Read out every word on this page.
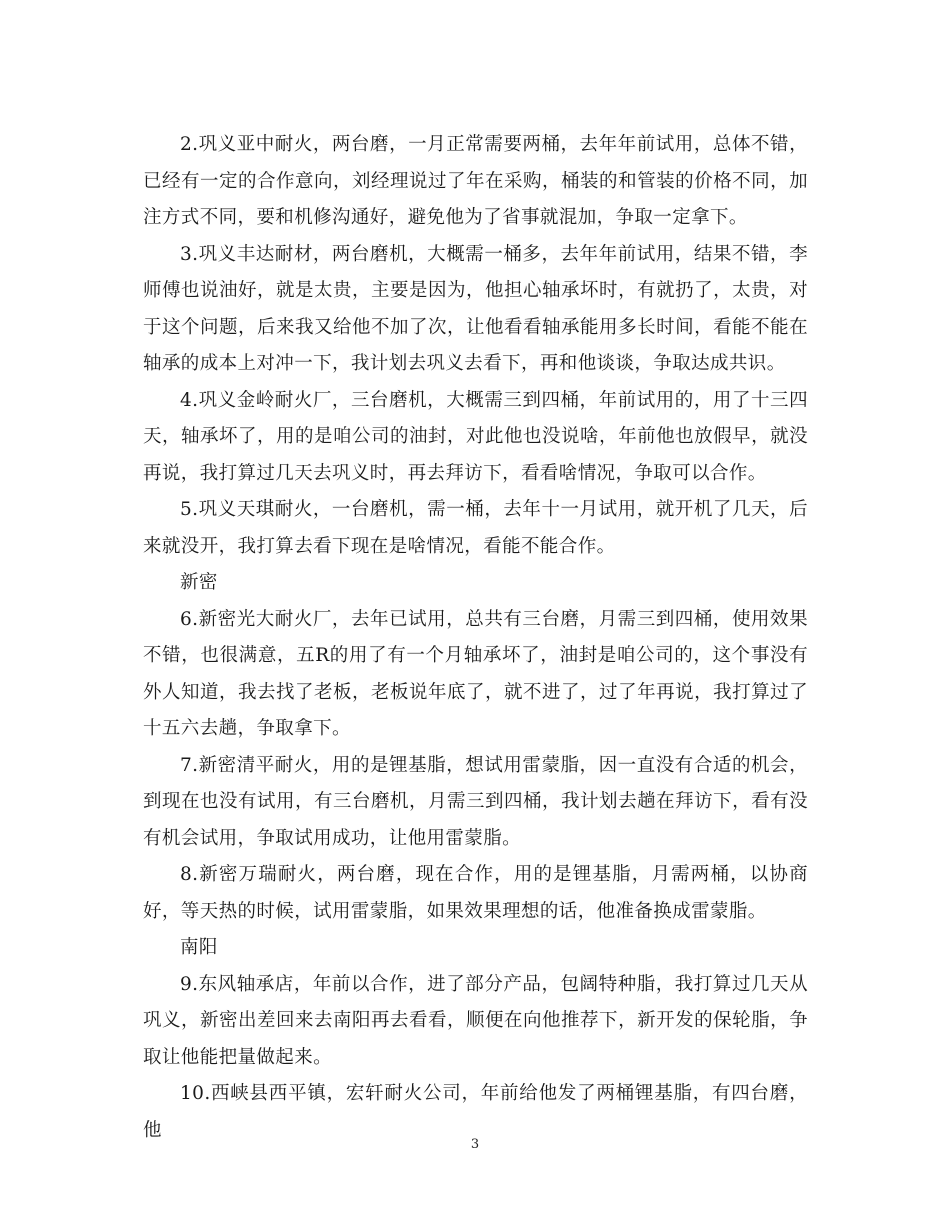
2.巩义亚中耐火，两台磨，一月正常需要两桶，去年年前试用，总体不错，已经有一定的合作意向，刘经理说过了年在采购，桶装的和管装的价格不同，加注方式不同，要和机修沟通好，避免他为了省事就混加，争取一定拿下。

3.巩义丰达耐材，两台磨机，大概需一桶多，去年年前试用，结果不错，李师傅也说油好，就是太贵，主要是因为，他担心轴承坏时，有就扔了，太贵，对于这个问题，后来我又给他不加了次，让他看看轴承能用多长时间，看能不能在轴承的成本上对冲一下，我计划去巩义去看下，再和他谈谈，争取达成共识。

4.巩义金岭耐火厂，三台磨机，大概需三到四桶，年前试用的，用了十三四天，轴承坏了，用的是咱公司的油封，对此他也没说啥，年前他也放假早，就没再说，我打算过几天去巩义时，再去拜访下，看看啥情况，争取可以合作。

5.巩义天琪耐火，一台磨机，需一桶，去年十一月试用，就开机了几天，后来就没开，我打算去看下现在是啥情况，看能不能合作。

新密

6.新密光大耐火厂，去年已试用，总共有三台磨，月需三到四桶，使用效果不错，也很满意，五R的用了有一个月轴承坏了，油封是咱公司的，这个事没有外人知道，我去找了老板，老板说年底了，就不进了，过了年再说，我打算过了十五六去趟，争取拿下。

7.新密清平耐火，用的是锂基脂，想试用雷蒙脂，因一直没有合适的机会，到现在也没有试用，有三台磨机，月需三到四桶，我计划去趟在拜访下，看有没有机会试用，争取试用成功，让他用雷蒙脂。

8.新密万瑞耐火，两台磨，现在合作，用的是锂基脂，月需两桶，以协商好，等天热的时候，试用雷蒙脂，如果效果理想的话，他准备换成雷蒙脂。

南阳

9.东风轴承店，年前以合作，进了部分产品，包阔特种脂，我打算过几天从巩义，新密出差回来去南阳再去看看，顺便在向他推荐下，新开发的保轮脂，争取让他能把量做起来。

10.西峡县西平镇，宏轩耐火公司，年前给他发了两桶锂基脂，有四台磨，他

3
